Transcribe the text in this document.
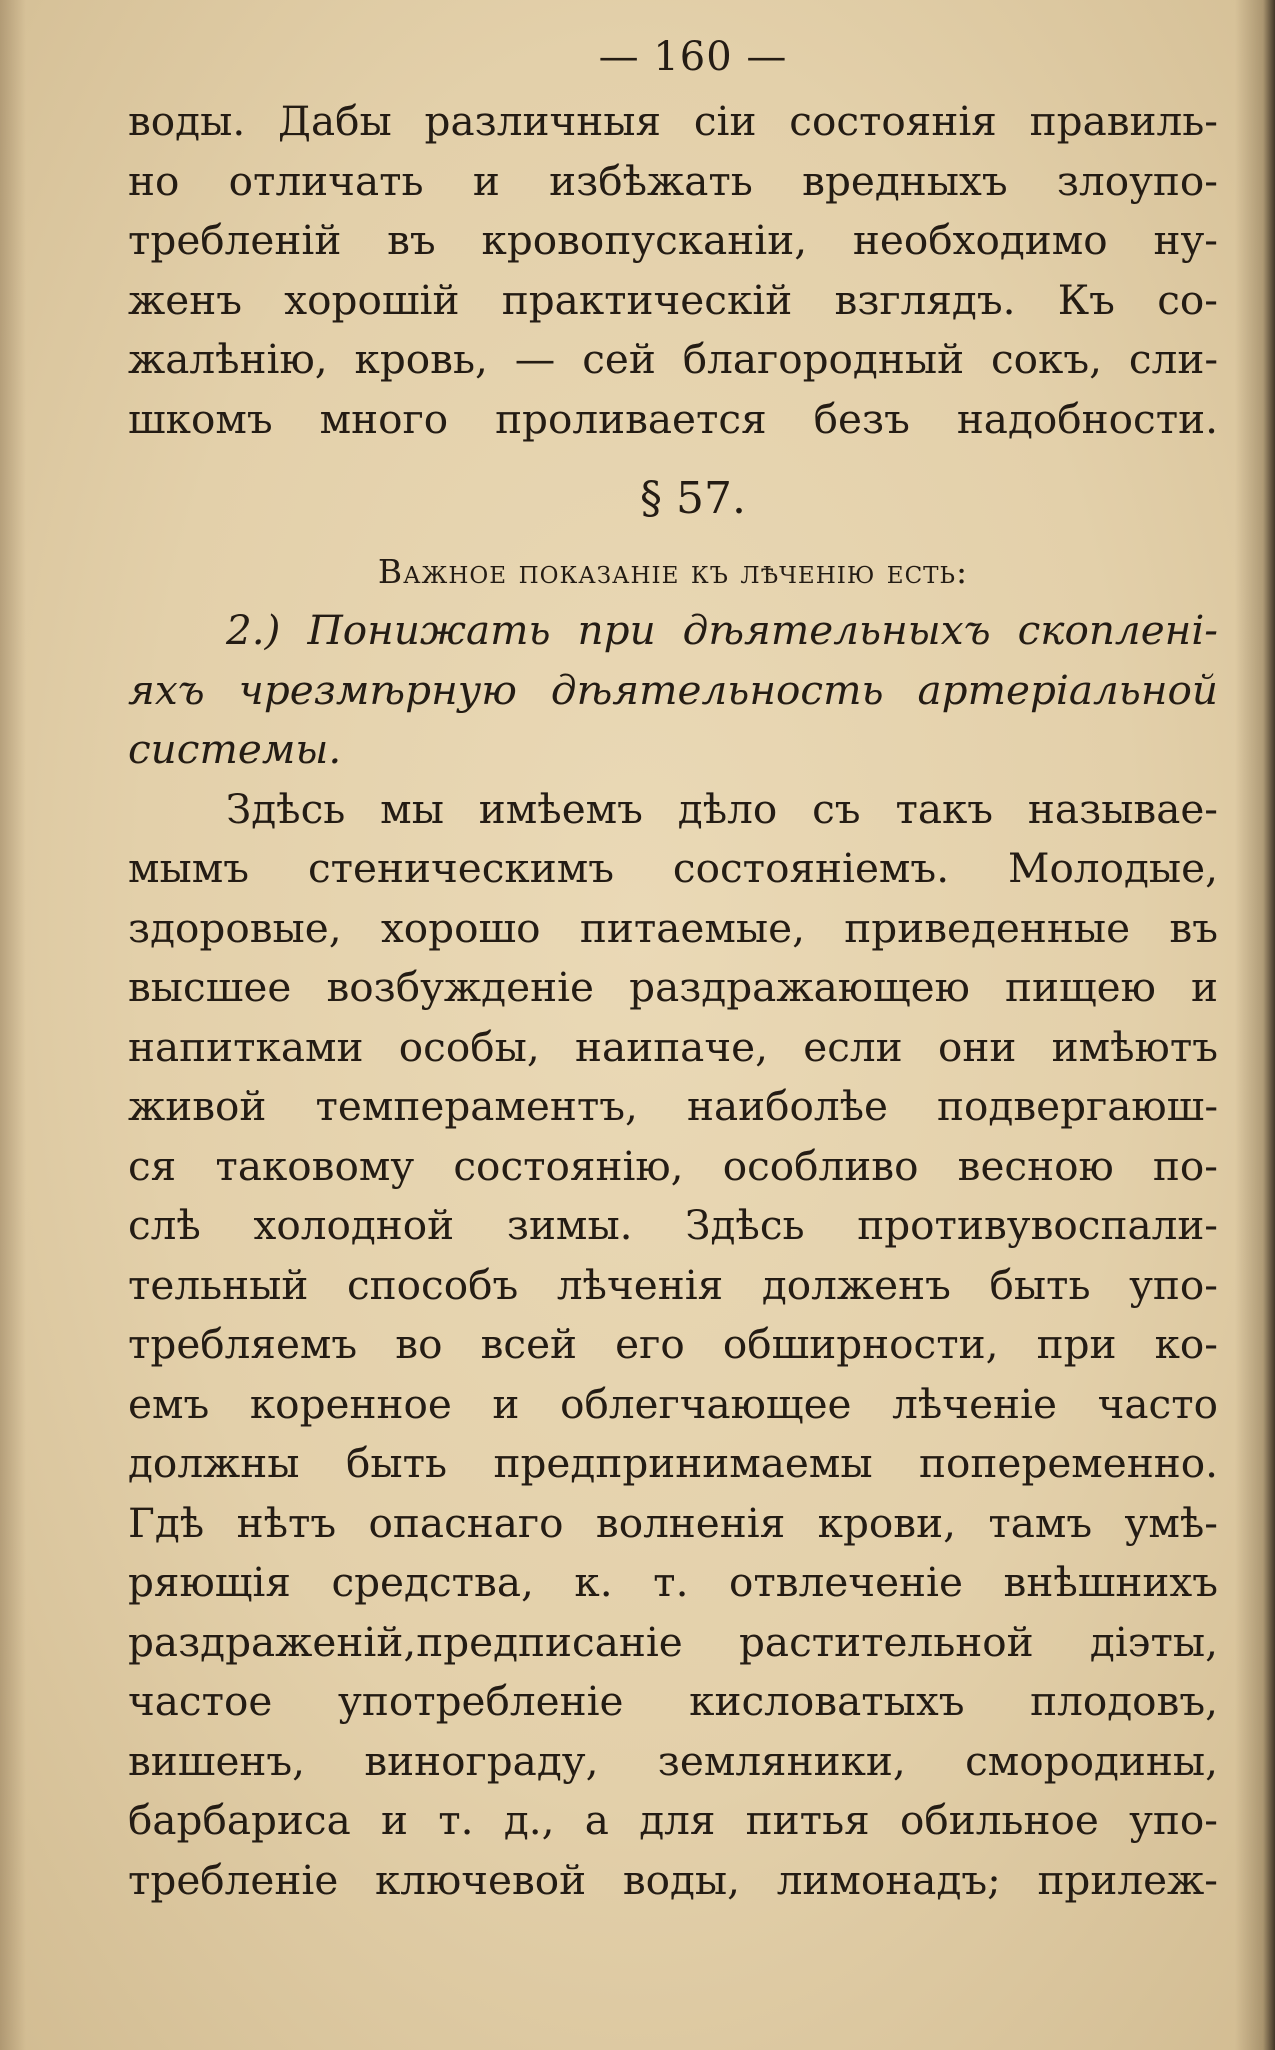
— 160 —
воды. Дабы различныя сіи состоянія правиль-
но отличать и избѣжать вредныхъ злоупо-
требленій въ кровопусканіи, необходимо ну-
женъ хорошій практическій взглядъ. Къ со-
жалѣнію, кровь, — сей благородный сокъ, сли-
шкомъ много проливается безъ надобности.
§ 57.
Важное показаніе къ лѣченію есть:
2.) Понижать при дѣятельныхъ скопленi-
яхъ чрезмѣрную дѣятельность артеріальной
системы.
Здѣсь мы имѣемъ дѣло съ такъ называе-
мымъ стеническимъ состояніемъ. Молодые,
здоровые, хорошо питаемые, приведенные въ
высшее возбужденіе раздражающею пищею и
напитками особы, наипаче, если они имѣютъ
живой темпераментъ, наиболѣе подвергаюш-
ся таковому состоянію, особливо весною по-
слѣ холодной зимы. Здѣсь противувоспали-
тельный способъ лѣченія долженъ быть упо-
требляемъ во всей его обширности, при ко-
емъ коренное и облегчающее лѣченіе часто
должны быть предпринимаемы попеременно.
Гдѣ нѣтъ опаснаго волненія крови, тамъ умѣ-
ряющія средства, к. т. отвлеченіе внѣшнихъ
раздраженій,предписаніе растительной діэты,
частое употребленіе кисловатыхъ плодовъ,
вишенъ, винограду, земляники, смородины,
барбариса и т. д., а для питья обильное упо-
требленіе ключевой воды, лимонадъ; прилеж-
